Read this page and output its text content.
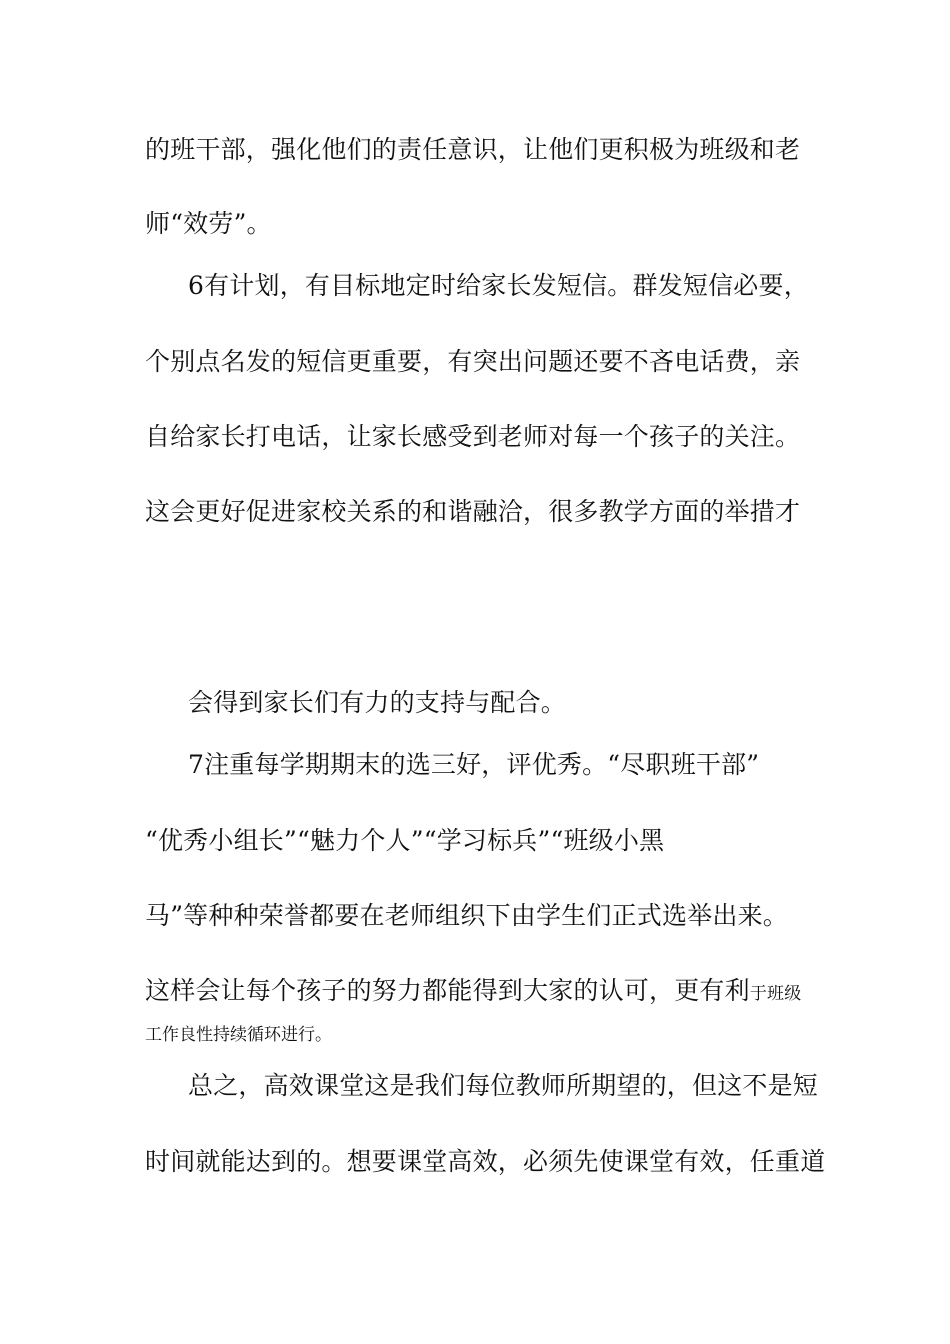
的班干部，强化他们的责任意识，让他们更积极为班级和老
师“效劳”。
6有计划，有目标地定时给家长发短信。群发短信必要，
个别点名发的短信更重要，有突出问题还要不吝电话费，亲
自给家长打电话，让家长感受到老师对每一个孩子的关注。
这会更好促进家校关系的和谐融洽，很多教学方面的举措才
会得到家长们有力的支持与配合。
7注重每学期期末的选三好，评优秀。“尽职班干部”
“优秀小组长”“魅力个人”“学习标兵”“班级小黑
马”等种种荣誉都要在老师组织下由学生们正式选举出来。
这样会让每个孩子的努力都能得到大家的认可，更有利于班级
工作良性持续循环进行。
总之，高效课堂这是我们每位教师所期望的，但这不是短
时间就能达到的。想要课堂高效，必须先使课堂有效，任重道
